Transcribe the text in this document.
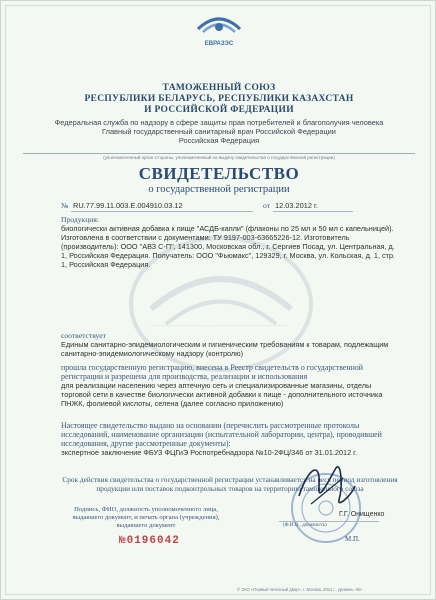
ЕВРАЗЭС
ТАМОЖЕННЫЙ СОЮЗ
РЕСПУБЛИКИ БЕЛАРУСЬ, РЕСПУБЛИКИ КАЗАХСТАН
И РОССИЙСКОЙ ФЕДЕРАЦИИ
Федеральная служба по надзору в сфере защиты прав потребителей и благополучия человека
Главный государственный санитарный врач Российской Федерации
Российская Федерация
(уполномоченный орган Стороны, уполномоченный на выдачу свидетельства о государственной регистрации)
СВИДЕТЕЛЬСТВО
о государственной регистрации
№ RU.77.99.11.003.E.004910.03.12	от 12.03.2012 г.
Продукция:
биологически активная добавка к пище "АСДБ-капли" (флаконы по 25 мл и 50 мл с капельницей). Изготовлена в соответствии с документами: ТУ 9197-003-63665226-12. Изготовитель (производитель): ООО "АВЗ С-П", 141300, Московская обл., г. Сергиев Посад, ул. Центральная, д. 1, Российская Федерация. Получатель: ООО "Фьюмакс", 129329, г. Москва, ул. Кольская, д. 1, стр. 1, Российская Федерация.
· · · · · · · · · · · · · · · · · · · · · · · · · · · · · · · · · · · · · · · · · · · · · · · · · · ·
соответствует
Единым санитарно-эпидемиологическим и гигиеническим требованиям к товарам, подлежащим санитарно-эпидемиологическому надзору (контролю)
прошла государственную регистрацию, внесена в Реестр свидетельств о государственной регистрации и разрешена для производства, реализации и использования
для реализации населению через аптечную сеть и специализированные магазины, отделы торговой сети в качестве биологически активной добавки к пище - дополнительного источника ПНЖК, фолиевой кислоты, селена (далее согласно приложению)
Настоящее свидетельство выдано на основании (перечислить рассмотренные протоколы исследований, наименование организации (испытательной лаборатории, центра), проводившей исследования, другие рассмотренные документы):
экспертное заключение ФБУЗ ФЦГиЭ Роспотребнадзора №10-2ФЦ/346 от 31.01.2012 г.
Срок действия свидетельства о государственной регистрации устанавливается на весь период изготовления продукции или поставок подконтрольных товаров на территорию таможенного союза
Подпись, ФИО, должность уполномоченного лица, выдавшего документ, и печать органа (учреждения), выдавшего документ
Г.Г. Онищенко
(Ф.И.О., должность)
М.П.
№0196042
© ЗАО «Первый печатный двор», г. Москва, 2011 г., уровень «В»
